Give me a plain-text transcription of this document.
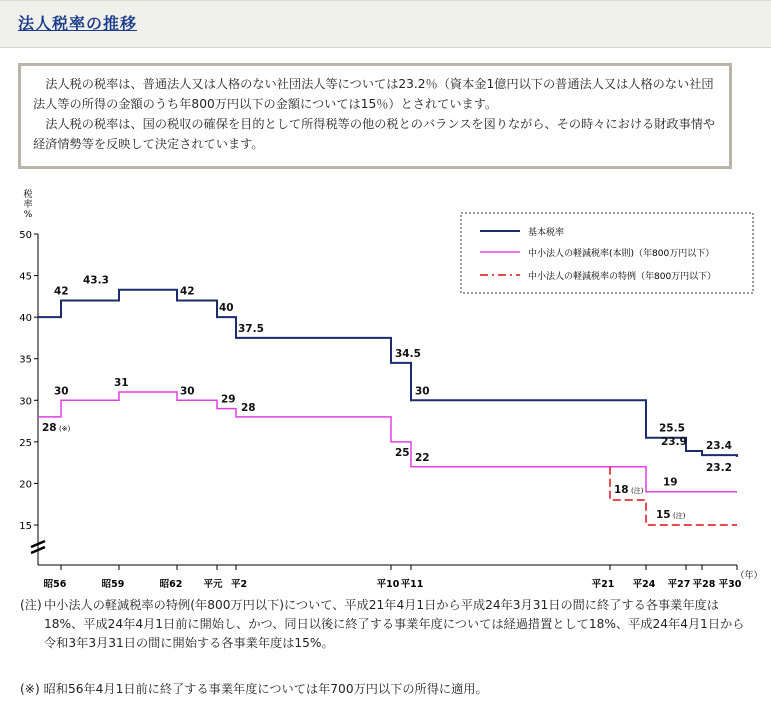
法人税率の推移

法人税の税率は、普通法人又は人格のない社団法人等については23.2％（資本金1億円以下の普通法人又は人格のない社団法人等の所得の金額のうち年800万円以下の金額については15％）とされています。

法人税の税率は、国の税収の確保を目的として所得税等の他の税とのバランスを図りながら、その時々における財政事情や経済情勢等を反映して決定されています。

税
率
%
15
20
25
30
35
40
45
50
昭56	昭59	昭62 平元 平2	平10 平11	平21 平24 平27 平28 平30
（年）
42
43.3
42
40
37.5
34.5
30
25.5
23.9 23.4
23.2
28 (※)
30
31
30
29
28
25 22
19
18 (注)
15 (注)
基本税率
中小法人の軽減税率(本則)（年800万円以下）
中小法人の軽減税率の特例（年800万円以下）
(注) 中小法人の軽減税率の特例(年800万円以下)について、平成21年4月1日から平成24年3月31日の間に終了する各事業年度は18%、平成24年4月1日前に開始し、かつ、同日以後に終了する事業年度については経過措置として18%、平成24年4月1日から令和3年3月31日の間に開始する各事業年度は15%。
(※) 昭和56年4月1日前に終了する事業年度については年700万円以下の所得に適用。
